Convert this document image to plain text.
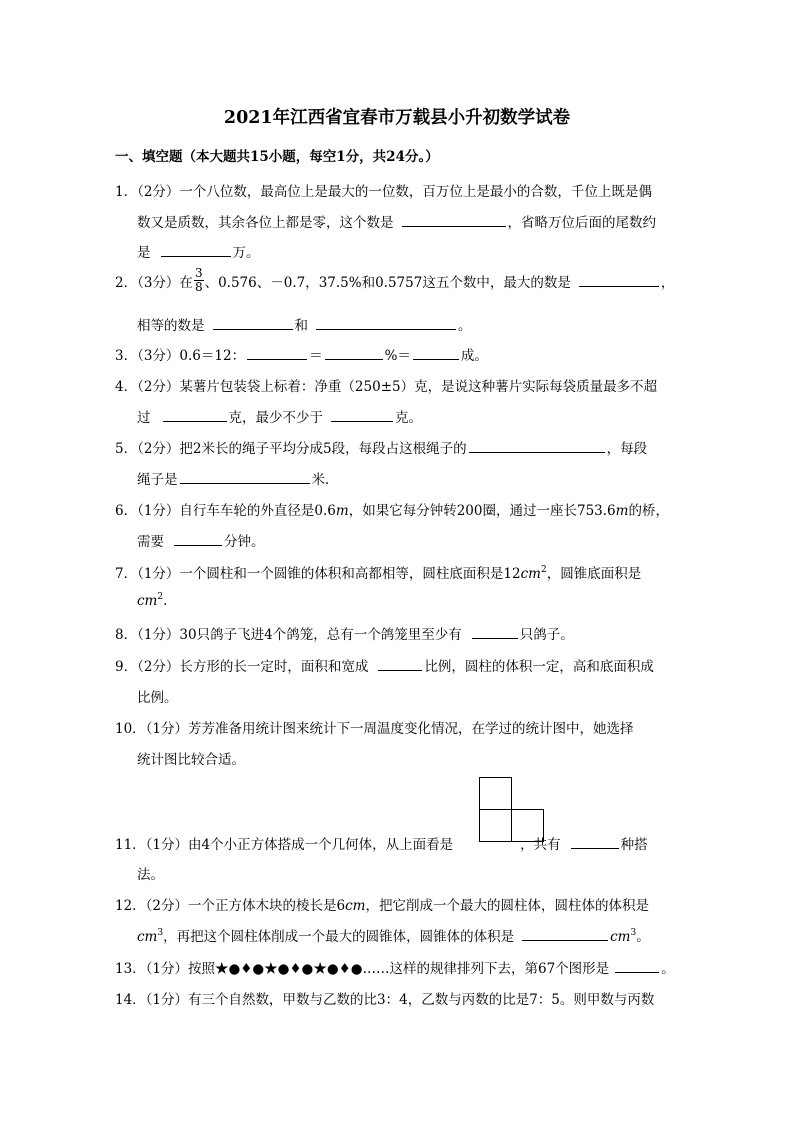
2021年江西省宜春市万载县小升初数学试卷
一、填空题（本大题共15小题，每空1分，共24分。）
1．（2分）一个八位数，最高位上是最大的一位数，百万位上是最小的合数，千位上既是偶
数又是质数，其余各位上都是零，这个数是	，省略万位后面的尾数约
是	万。
2．（3分）在 $\frac{3}{8}$ 、0.576、－0.7，37.5%和0.5757这五个数中，最大的数是	，
相等的数是	和	。
3．（3分）0.6＝12：	＝	%＝	成。
4．（2分）某薯片包装袋上标着：净重（250±5）克，是说这种薯片实际每袋质量最多不超
过	克，最少不少于	克。
5．（2分）把2米长的绳子平均分成5段，每段占这根绳子的	，每段
绳子是	米．
6．（1分）自行车车轮的外直径是0.6m，如果它每分钟转200圈，通过一座长753.6m的桥，
需要	分钟。
7．（1分）一个圆柱和一个圆锥的体积和高都相等，圆柱底面积是$12cm^2$，圆锥底面积是
$cm^2$.
8．（1分）30只鸽子飞进4个鸽笼，总有一个鸽笼里至少有	只鸽子。
9．（2分）长方形的长一定时，面积和宽成	比例，圆柱的体积一定，高和底面积成
比例。
10．（1分）芳芳准备用统计图来统计下一周温度变化情况，在学过的统计图中，她选择
统计图比较合适。
11．（1分）由4个小正方体搭成一个几何体，从上面看是	，共有	种搭
法。
12．（2分）一个正方体木块的棱长是6cm，把它削成一个最大的圆柱体，圆柱体的体积是
$cm^3$，再把这个圆柱体削成一个最大的圆锥体，圆锥体的体积是	$cm^3$。
13．（1分）按照★●♦●★●♦●★●♦●……这样的规律排列下去，第67个图形是	。
14．（1分）有三个自然数，甲数与乙数的比3：4，乙数与丙数的比是7：5。则甲数与丙数
